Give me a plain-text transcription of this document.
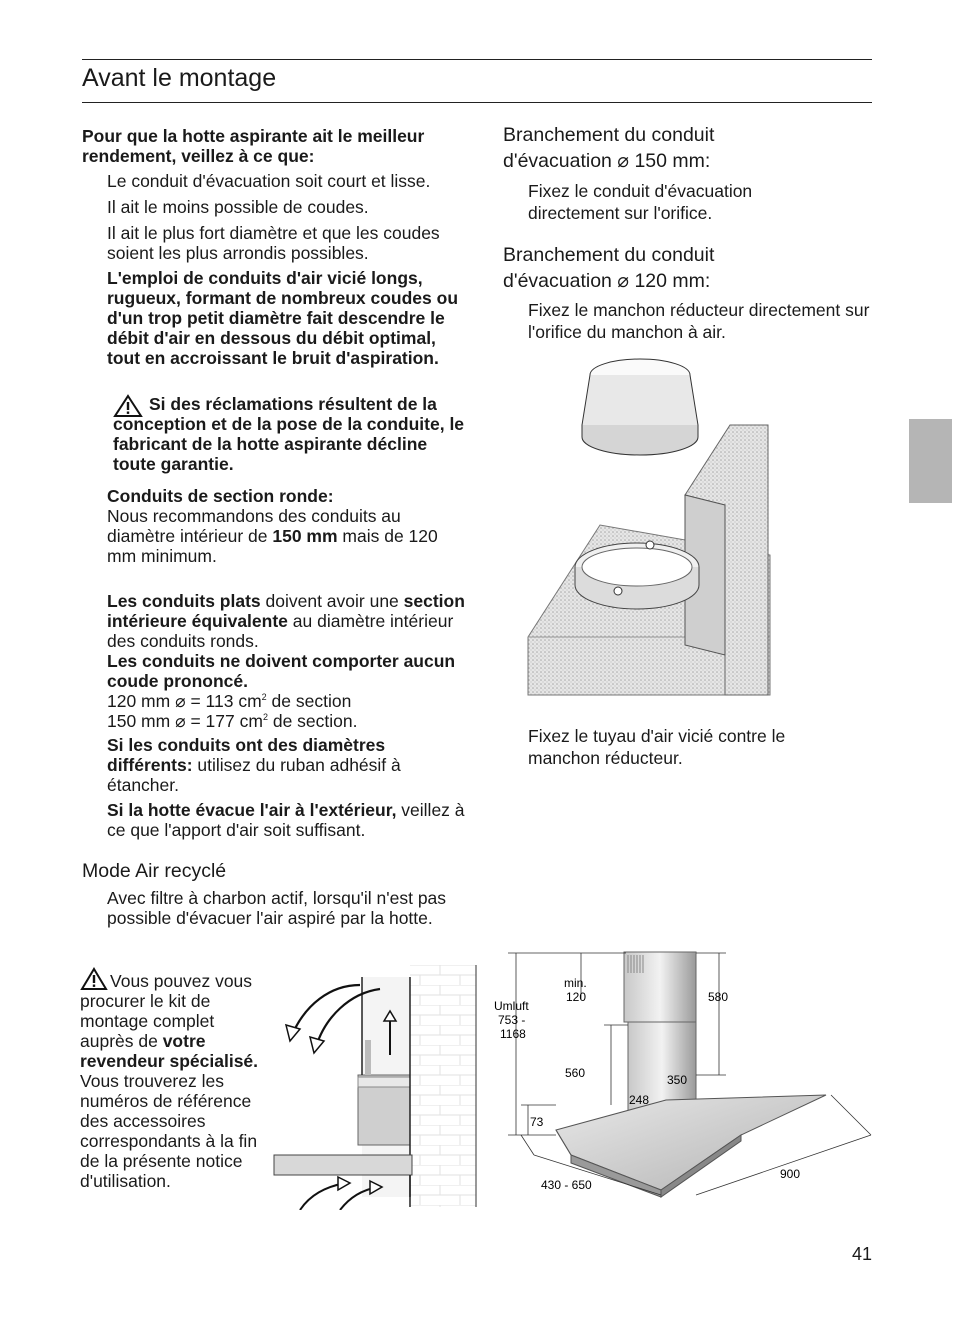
Avant le montage
Pour que la hotte aspirante ait le meilleur rendement, veillez à ce que:
Le conduit d'évacuation soit court et lisse.
Il ait le moins possible de coudes.
Il ait le plus fort diamètre et que les coudes soient les plus arrondis possibles.
L'emploi de conduits d'air vicié longs, rugueux, formant de nombreux coudes ou d'un trop petit diamètre fait descendre le débit d'air en dessous du débit optimal, tout en accroissant le bruit d'aspiration.
Si des réclamations résultent de la conception et de la pose de la conduite, le fabricant de la hotte aspirante décline toute garantie.
Conduits de section ronde:
Nous recommandons des conduits au diamètre intérieur de 150 mm mais de 120 mm minimum.
Les conduits plats doivent avoir une section intérieure équivalente au diamètre intérieur des conduits ronds.
Les conduits ne doivent comporter aucun coude prononcé.
120 mm ⌀ = 113 $cm^2$ de section
150 mm ⌀ = 177 $cm^2$ de section.
Si les conduits ont des diamètres différents: utilisez du ruban adhésif à étancher.
Si la hotte évacue l'air à l'extérieur, veillez à ce que l'apport d'air soit suffisant.
Mode Air recyclé
Avec filtre à charbon actif, lorsqu'il n'est pas possible d'évacuer l'air aspiré par la hotte.
Vous pouvez vous procurer le kit de montage complet auprès de votre revendeur spécialisé.
Vous trouverez les numéros de référence des accessoires correspondants à la fin de la présente notice d'utilisation.
Branchement du conduit d'évacuation ⌀ 150 mm:
Fixez le conduit d'évacuation directement sur l'orifice.
Branchement du conduit d'évacuation ⌀ 120 mm:
Fixez le manchon réducteur directement sur l'orifice du manchon à air.
Fixez le tuyau d'air vicié contre le manchon réducteur.
Umluft
753 -
1168
min.
120	580
560	350
248
73
900
430 - 650
41
